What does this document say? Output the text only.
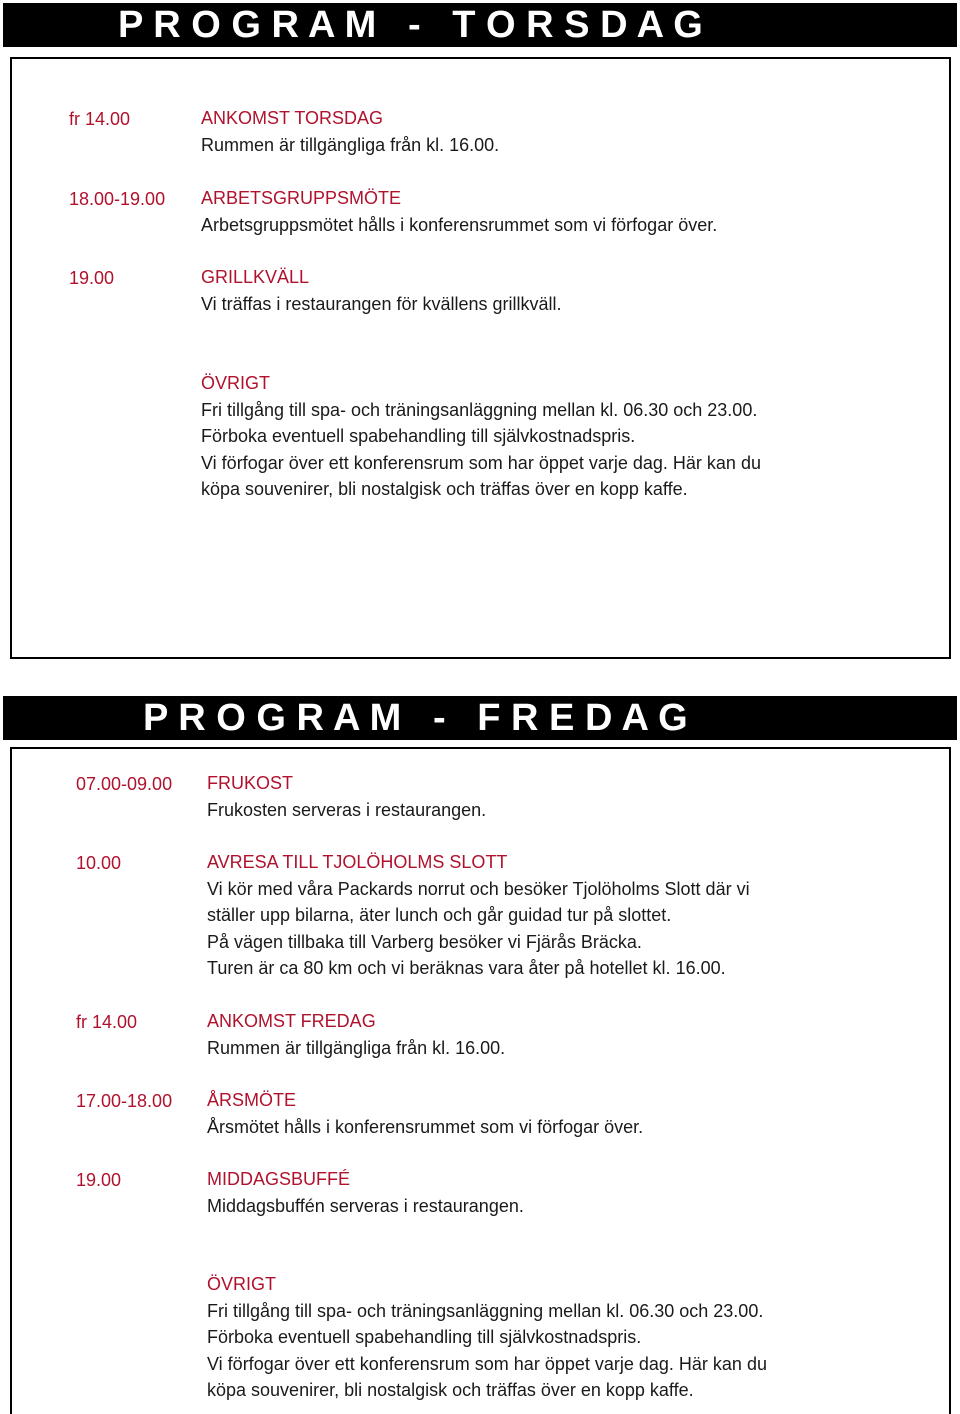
P R O G R A M   -   T O R S D A G

fr 14.00	ANKOMST TORSDAG
Rummen är tillgängliga från kl. 16.00.
18.00-19.00 ARBETSGRUPPSMÖTE
Arbetsgruppsmötet hålls i konferensrummet som vi förfogar över.
19.00	GRILLKVÄLL
Vi träffas i restaurangen för kvällens grillkväll.
ÖVRIGT
Fri tillgång till spa- och träningsanläggning mellan kl. 06.30 och 23.00.
Förboka eventuell spabehandling till självkostnadspris.
Vi förfogar över ett konferensrum som har öppet varje dag. Här kan du
köpa souvenirer, bli nostalgisk och träffas över en kopp kaffe.

P R O G R A M   -   F R E D A G

07.00-09.00 FRUKOST
Frukosten serveras i restaurangen.
10.00	AVRESA TILL TJOLÖHOLMS SLOTT
Vi kör med våra Packards norrut och besöker Tjolöholms Slott där vi
ställer upp bilarna, äter lunch och går guidad tur på slottet.
På vägen tillbaka till Varberg besöker vi Fjärås Bräcka.
Turen är ca 80 km och vi beräknas vara åter på hotellet kl. 16.00.
fr 14.00	ANKOMST FREDAG
Rummen är tillgängliga från kl. 16.00.
17.00-18.00 ÅRSMÖTE
Årsmötet hålls i konferensrummet som vi förfogar över.
19.00	MIDDAGSBUFFÉ
Middagsbuffén serveras i restaurangen.
ÖVRIGT
Fri tillgång till spa- och träningsanläggning mellan kl. 06.30 och 23.00.
Förboka eventuell spabehandling till självkostnadspris.
Vi förfogar över ett konferensrum som har öppet varje dag. Här kan du
köpa souvenirer, bli nostalgisk och träffas över en kopp kaffe.
